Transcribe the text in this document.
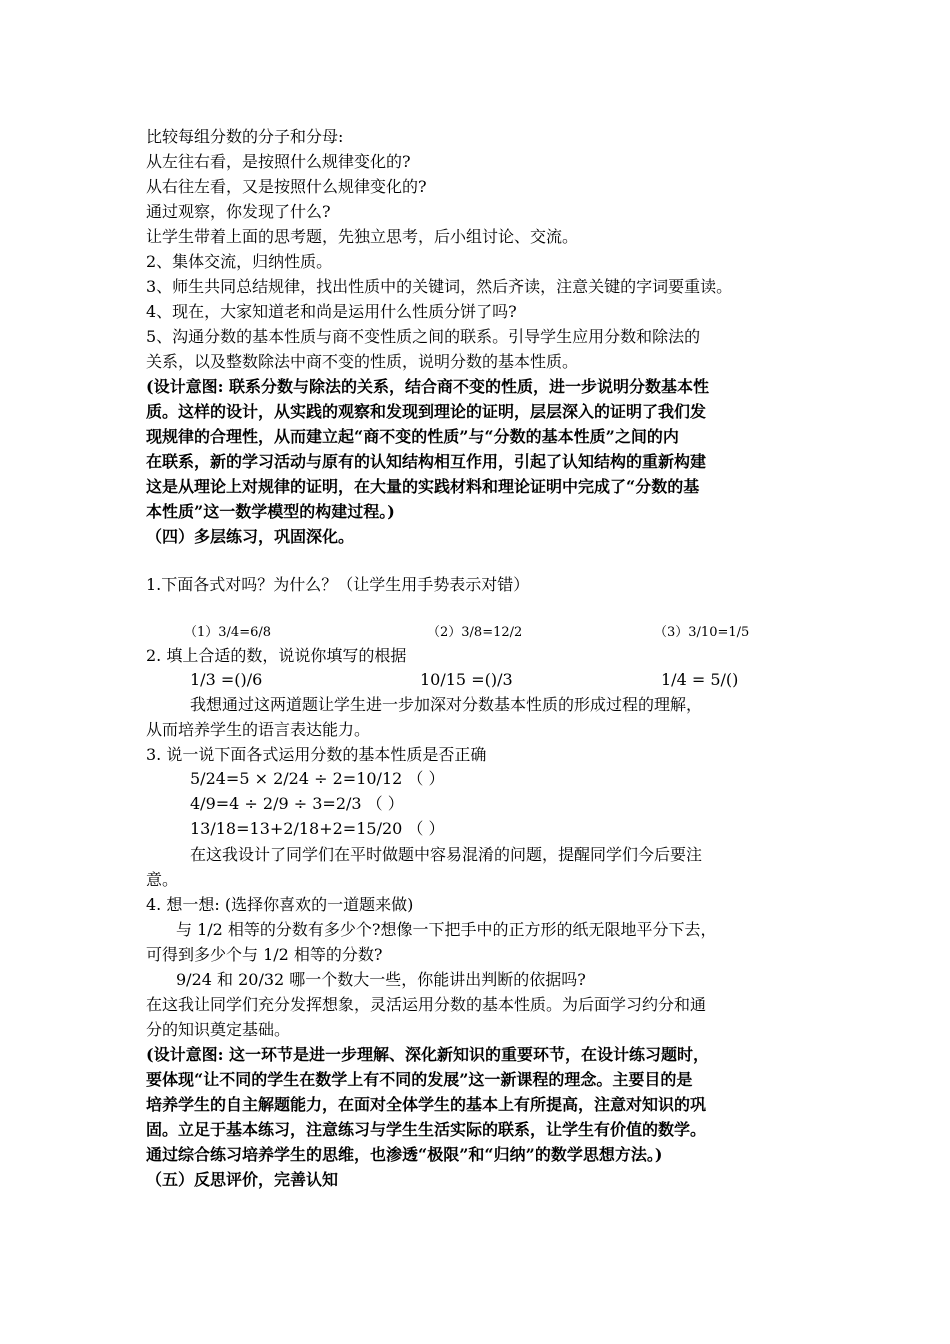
比较每组分数的分子和分母:
从左往右看，是按照什么规律变化的?
从右往左看，又是按照什么规律变化的?
通过观察，你发现了什么?
让学生带着上面的思考题，先独立思考，后小组讨论、交流。
2、集体交流，归纳性质。
3、师生共同总结规律，找出性质中的关键词，然后齐读，注意关键的字词要重读。
4、现在，大家知道老和尚是运用什么性质分饼了吗?
5、沟通分数的基本性质与商不变性质之间的联系。引导学生应用分数和除法的
关系，以及整数除法中商不变的性质，说明分数的基本性质。
(设计意图: 联系分数与除法的关系，结合商不变的性质，进一步说明分数基本性
质。这样的设计，从实践的观察和发现到理论的证明，层层深入的证明了我们发
现规律的合理性，从而建立起“商不变的性质”与“分数的基本性质”之间的内
在联系，新的学习活动与原有的认知结构相互作用，引起了认知结构的重新构建
这是从理论上对规律的证明，在大量的实践材料和理论证明中完成了“分数的基
本性质”这一数学模型的构建过程。)
（四）多层练习，巩固深化。
1.下面各式对吗？为什么？（让学生用手势表示对错）
（1）3/4=6/8	（2）3/8=12/2	（3）3/10=1/5
2. 填上合适的数，说说你填写的根据
1/3 =()/6	10/15 =()/3	1/4 = 5/()
我想通过这两道题让学生进一步加深对分数基本性质的形成过程的理解，
从而培养学生的语言表达能力。
3. 说一说下面各式运用分数的基本性质是否正确
5/24=5 × 2/24 ÷ 2=10/12 （ ）
4/9=4 ÷ 2/9 ÷ 3=2/3 （ ）
13/18=13+2/18+2=15/20 （ ）
在这我设计了同学们在平时做题中容易混淆的问题，提醒同学们今后要注
意。
4. 想一想: (选择你喜欢的一道题来做)
与 1/2 相等的分数有多少个?想像一下把手中的正方形的纸无限地平分下去，
可得到多少个与 1/2 相等的分数?
9/24 和 20/32 哪一个数大一些，你能讲出判断的依据吗?
在这我让同学们充分发挥想象，灵活运用分数的基本性质。为后面学习约分和通
分的知识奠定基础。
(设计意图: 这一环节是进一步理解、深化新知识的重要环节，在设计练习题时，
要体现“让不同的学生在数学上有不同的发展”这一新课程的理念。主要目的是
培养学生的自主解题能力，在面对全体学生的基本上有所提高，注意对知识的巩
固。立足于基本练习，注意练习与学生生活实际的联系，让学生有价值的数学。
通过综合练习培养学生的思维，也渗透“极限”和“归纳”的数学思想方法。)
（五）反思评价，完善认知
